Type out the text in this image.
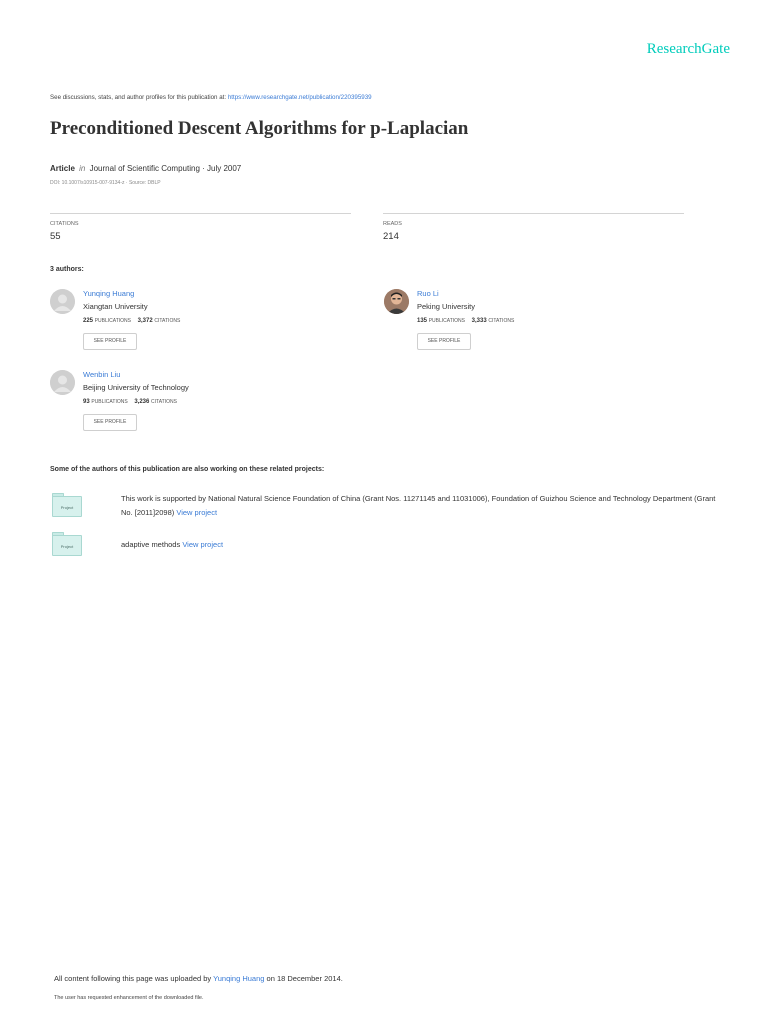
ResearchGate
See discussions, stats, and author profiles for this publication at: https://www.researchgate.net/publication/220395939
Preconditioned Descent Algorithms for p-Laplacian
Article in Journal of Scientific Computing · July 2007
DOI: 10.1007/s10915-007-9134-z · Source: DBLP
CITATIONS
55
READS
214
3 authors:
Yunqing Huang
Xiangtan University
225 PUBLICATIONS 3,372 CITATIONS
SEE PROFILE
Ruo Li
Peking University
135 PUBLICATIONS 3,333 CITATIONS
SEE PROFILE
Wenbin Liu
Beijing University of Technology
93 PUBLICATIONS 3,236 CITATIONS
SEE PROFILE
Some of the authors of this publication are also working on these related projects:
Project
This work is supported by National Natural Science Foundation of China (Grant Nos. 11271145 and 11031006), Foundation of Guizhou Science and Technology Department (Grant No. [2011]2098) View project
Project	adaptive methods View project
All content following this page was uploaded by Yunqing Huang on 18 December 2014.
The user has requested enhancement of the downloaded file.
